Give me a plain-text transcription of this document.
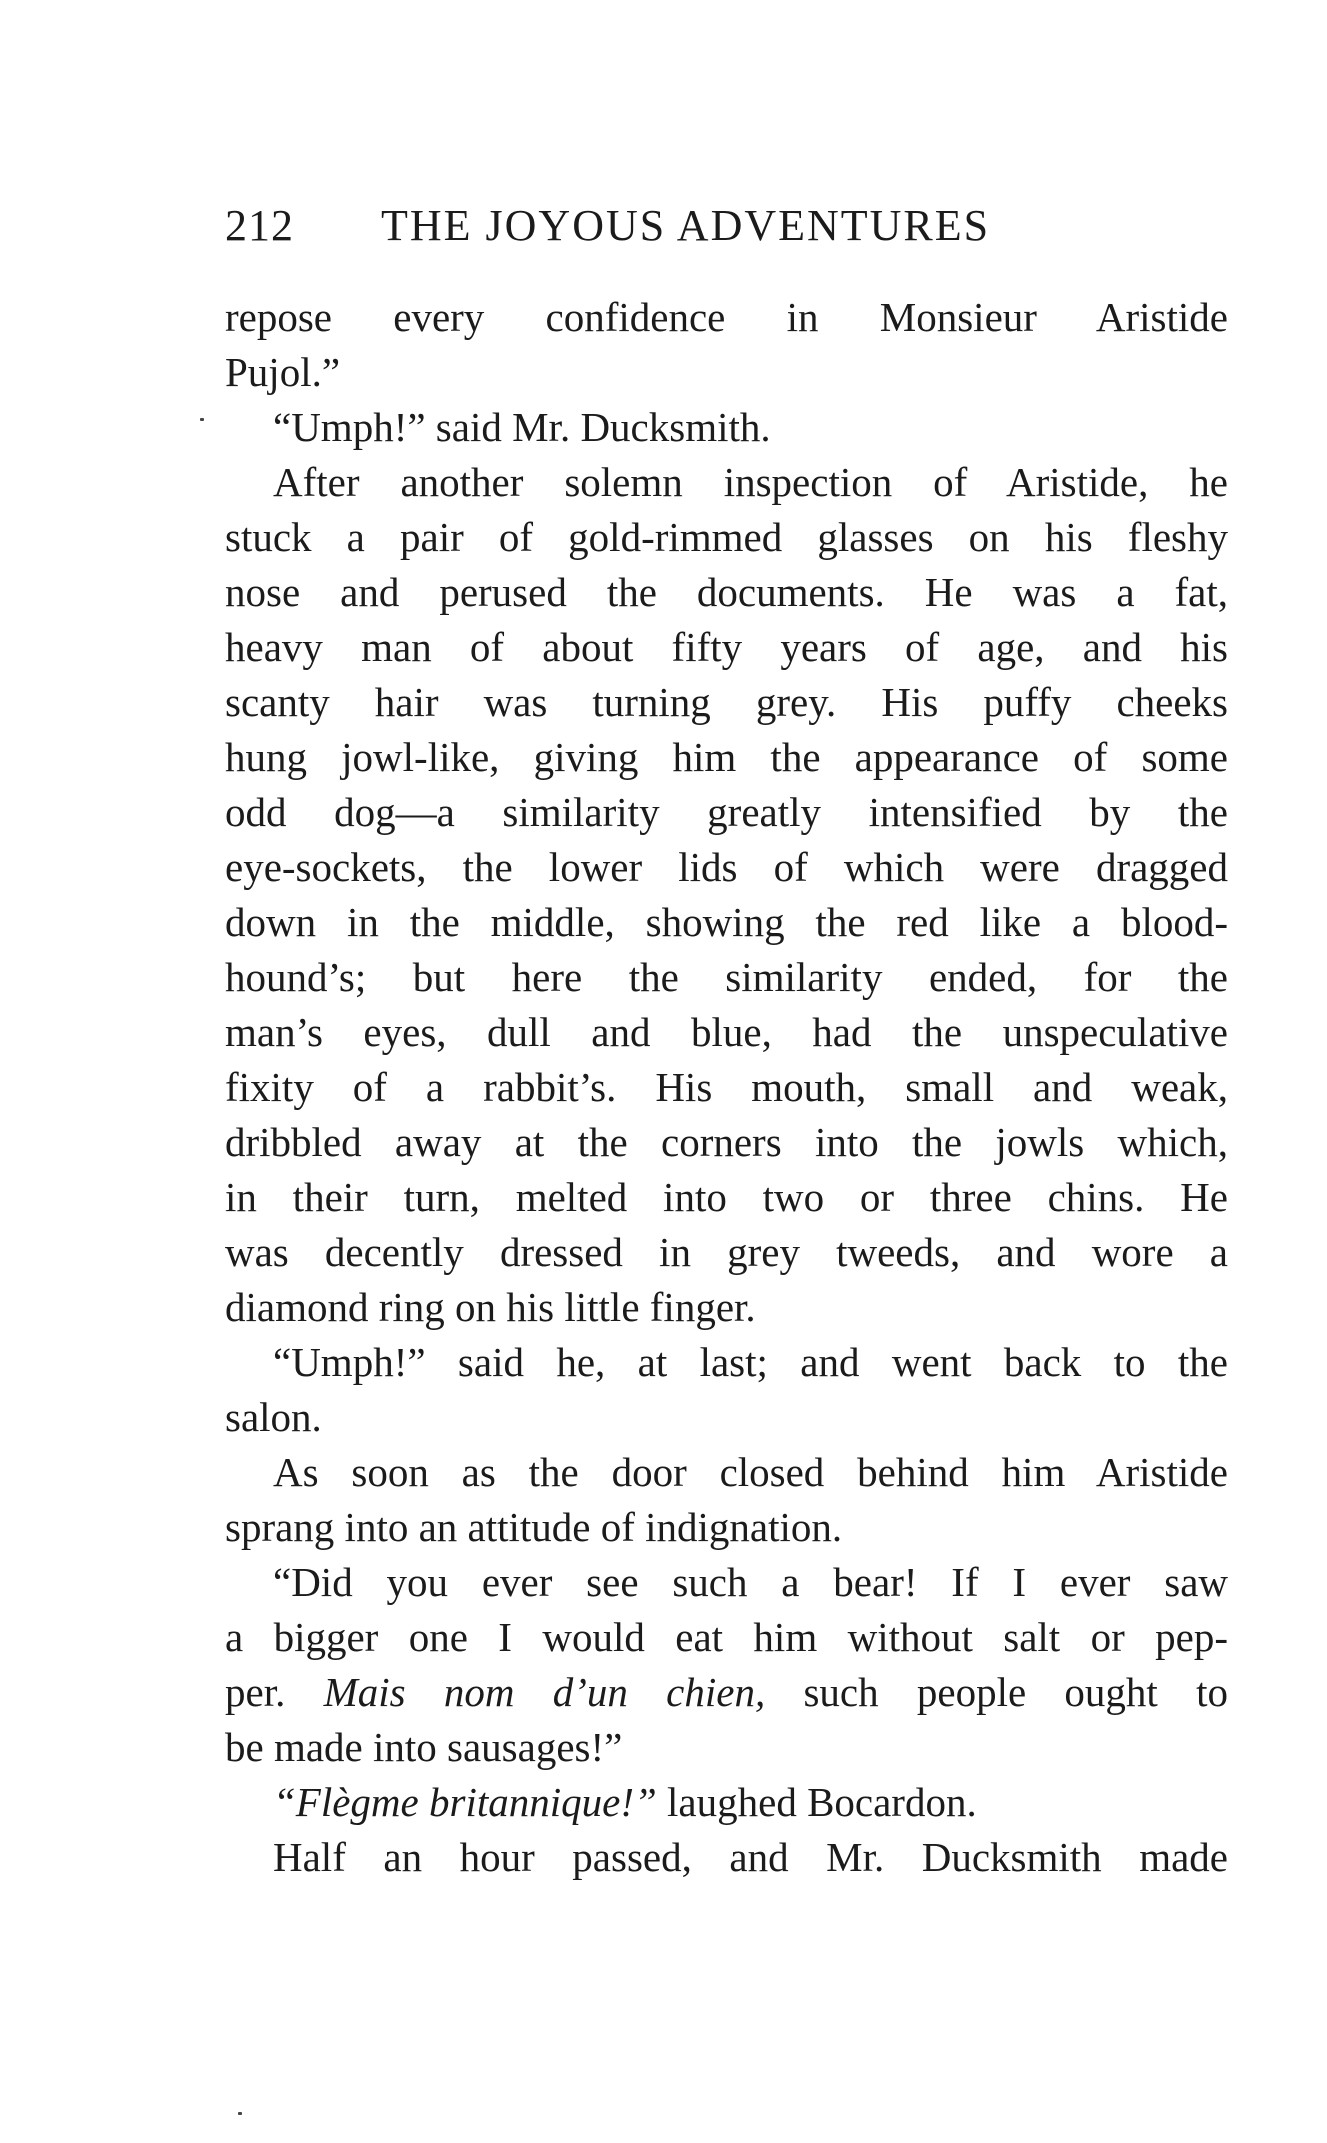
212 THE JOYOUS ADVENTURES
repose every confidence in Monsieur Aristide
Pujol.”
“Umph!” said Mr. Ducksmith.
After another solemn inspection of Aristide, he
stuck a pair of gold-rimmed glasses on his fleshy
nose and perused the documents. He was a fat,
heavy man of about fifty years of age, and his
scanty hair was turning grey. His puffy cheeks
hung jowl-like, giving him the appearance of some
odd dog—a similarity greatly intensified by the
eye-sockets, the lower lids of which were dragged
down in the middle, showing the red like a blood-
hound’s; but here the similarity ended, for the
man’s eyes, dull and blue, had the unspeculative
fixity of a rabbit’s. His mouth, small and weak,
dribbled away at the corners into the jowls which,
in their turn, melted into two or three chins. He
was decently dressed in grey tweeds, and wore a
diamond ring on his little finger.
“Umph!” said he, at last; and went back to the
salon.
As soon as the door closed behind him Aristide
sprang into an attitude of indignation.
“Did you ever see such a bear! If I ever saw
a bigger one I would eat him without salt or pep-
per. Mais nom d’un chien, such people ought to
be made into sausages!”
“Flègme britannique!” laughed Bocardon.
Half an hour passed, and Mr. Ducksmith made
